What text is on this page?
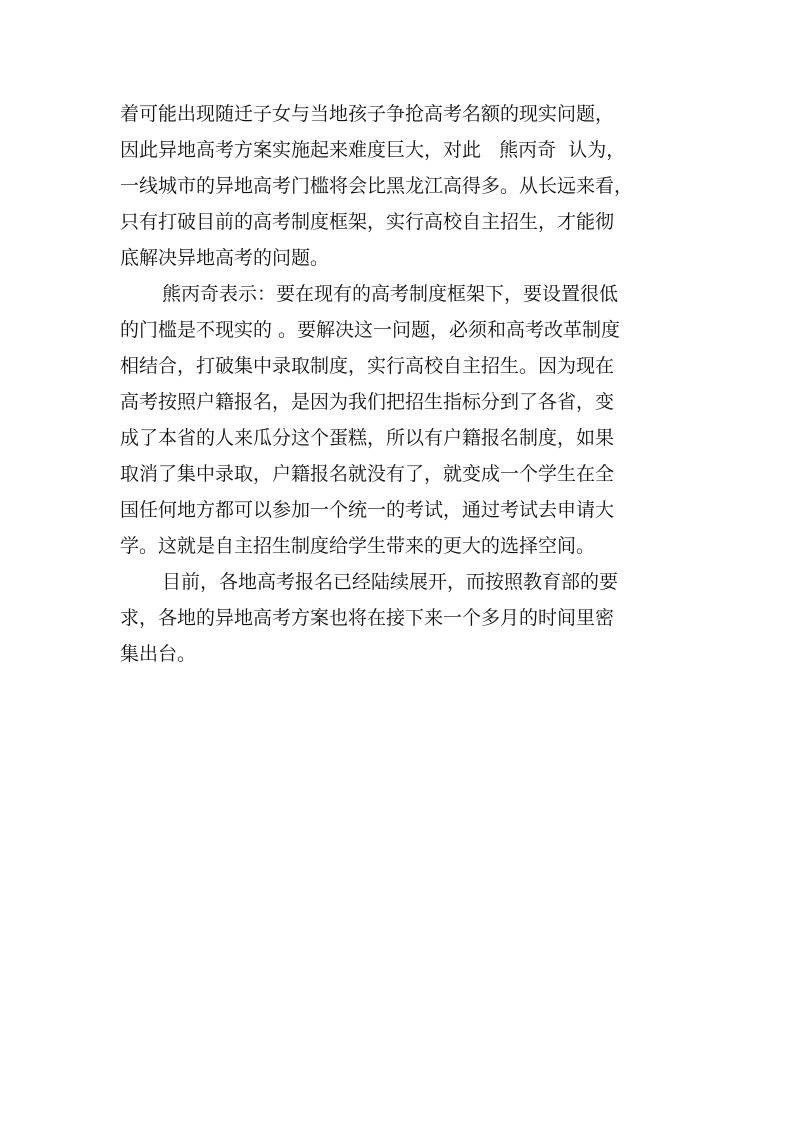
着可能出现随迁子女与当地孩子争抢高考名额的现实问题，
因此异地高考方案实施起来难度巨大，对此   熊丙奇  认为，
一线城市的异地高考门槛将会比黑龙江高得多。从长远来看，
只有打破目前的高考制度框架，实行高校自主招生，才能彻
底解决异地高考的问题。
熊丙奇表示：要在现有的高考制度框架下，要设置很低
的门槛是不现实的 。要解决这一问题，必须和高考改革制度
相结合，打破集中录取制度，实行高校自主招生。因为现在
高考按照户籍报名，是因为我们把招生指标分到了各省，变
成了本省的人来瓜分这个蛋糕，所以有户籍报名制度，如果
取消了集中录取，户籍报名就没有了，就变成一个学生在全
国任何地方都可以参加一个统一的考试，通过考试去申请大
学。这就是自主招生制度给学生带来的更大的选择空间。
目前，各地高考报名已经陆续展开，而按照教育部的要
求，各地的异地高考方案也将在接下来一个多月的时间里密
集出台。
